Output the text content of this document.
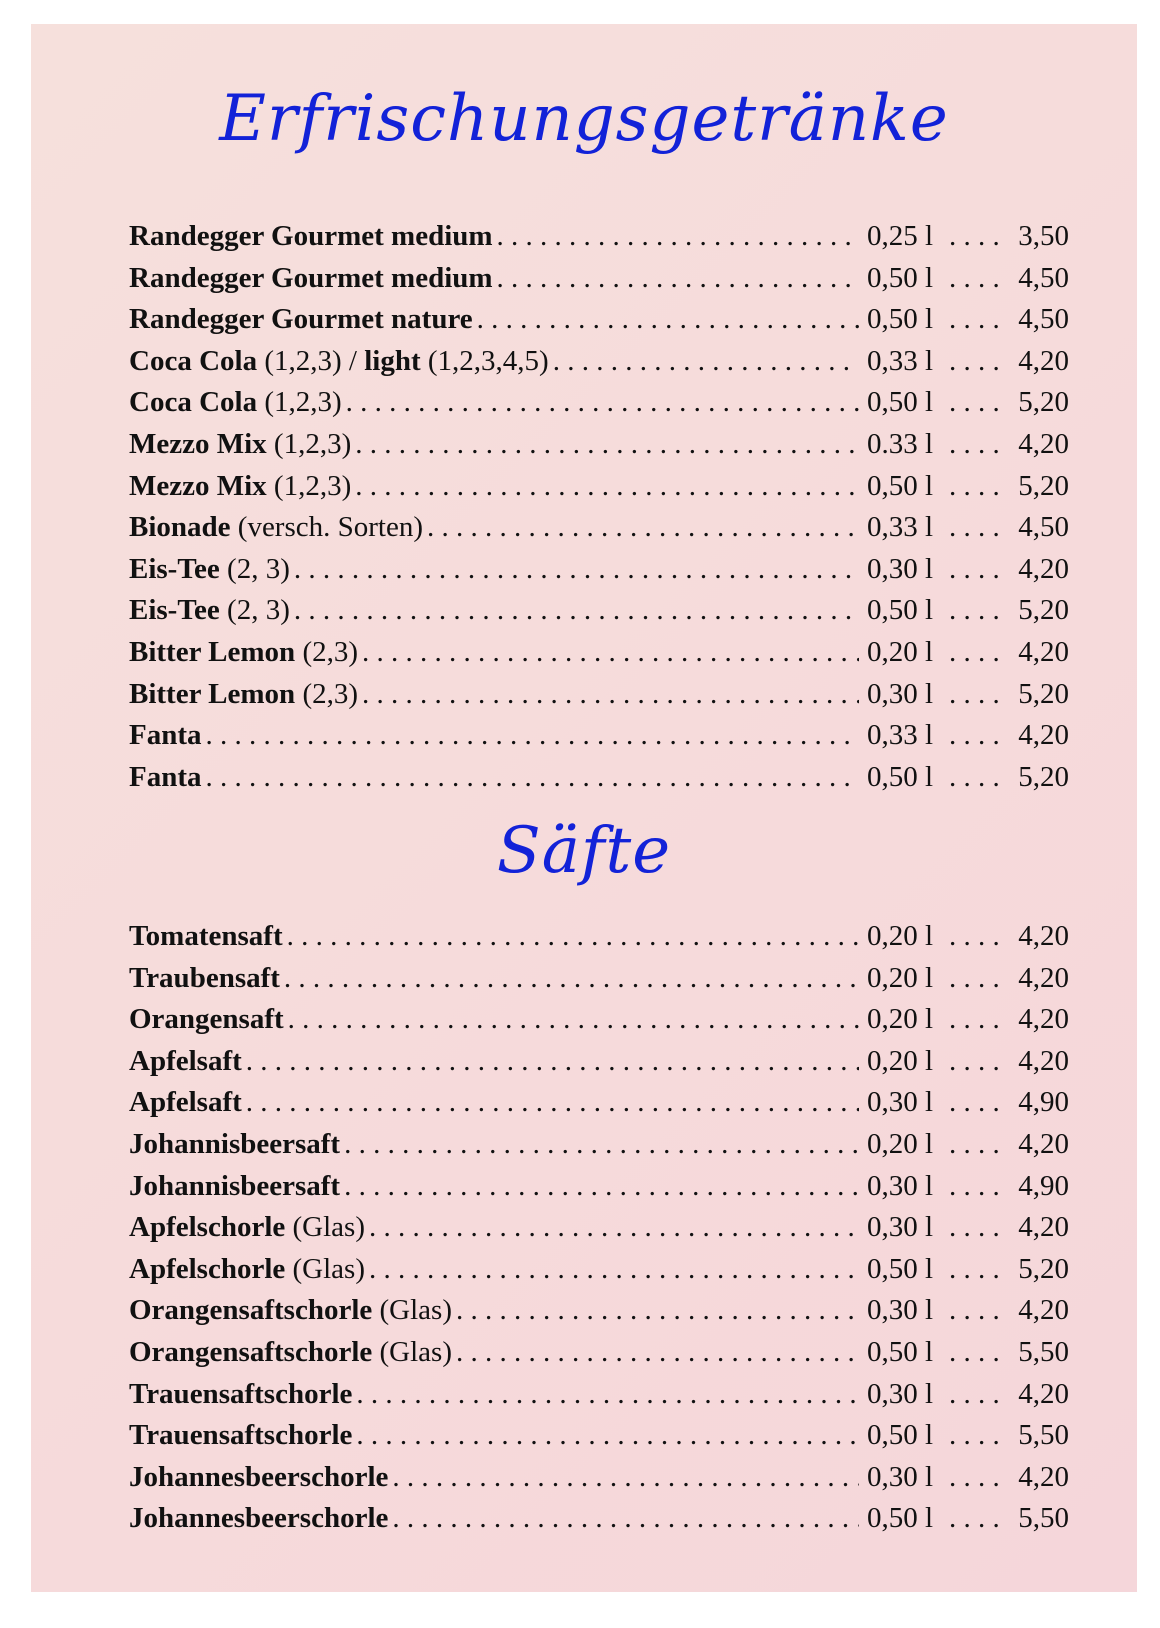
Erfrischungsgetränke
Randegger Gourmet medium . . .	0,25 l . . .	3,50
Randegger Gourmet medium . . .	0,50 l . . .	4,50
Randegger Gourmet nature . . .	0,50 l . . .	4,50
Coca Cola (1,2,3) / light (1,2,3,4,5) . . .	0,33 l . . .	4,20
Coca Cola (1,2,3) . . .	0,50 l . . .	5,20
Mezzo Mix (1,2,3) . . .	0.33 l . . .	4,20
Mezzo Mix (1,2,3) . . .	0,50 l . . .	5,20
Bionade (versch. Sorten) . . .	0,33 l . . .	4,50
Eis-Tee (2, 3) . . .	0,30 l . . .	4,20
Eis-Tee (2, 3) . . .	0,50 l . . .	5,20
Bitter Lemon (2,3) . . .	0,20 l . . .	4,20
Bitter Lemon (2,3) . . .	0,30 l . . .	5,20
Fanta . . .	0,33 l . . .	4,20
Fanta . . .	0,50 l . . .	5,20
Säfte
Tomatensaft . . .	0,20 l . . .	4,20
Traubensaft . . .	0,20 l . . .	4,20
Orangensaft . . .	0,20 l . . .	4,20
Apfelsaft . . .	0,20 l . . .	4,20
Apfelsaft . . .	0,30 l . . .	4,90
Johannisbeersaft . . .	0,20 l . . .	4,20
Johannisbeersaft . . .	0,30 l . . .	4,90
Apfelschorle (Glas) . . .	0,30 l . . .	4,20
Apfelschorle (Glas) . . .	0,50 l . . .	5,20
Orangensaftschorle (Glas) . . .	0,30 l . . .	4,20
Orangensaftschorle (Glas) . . .	0,50 l . . .	5,50
Trauensaftschorle . . .	0,30 l . . .	4,20
Trauensaftschorle . . .	0,50 l . . .	5,50
Johannesbeerschorle . . .	0,30 l . . .	4,20
Johannesbeerschorle . . .	0,50 l . . .	5,50
